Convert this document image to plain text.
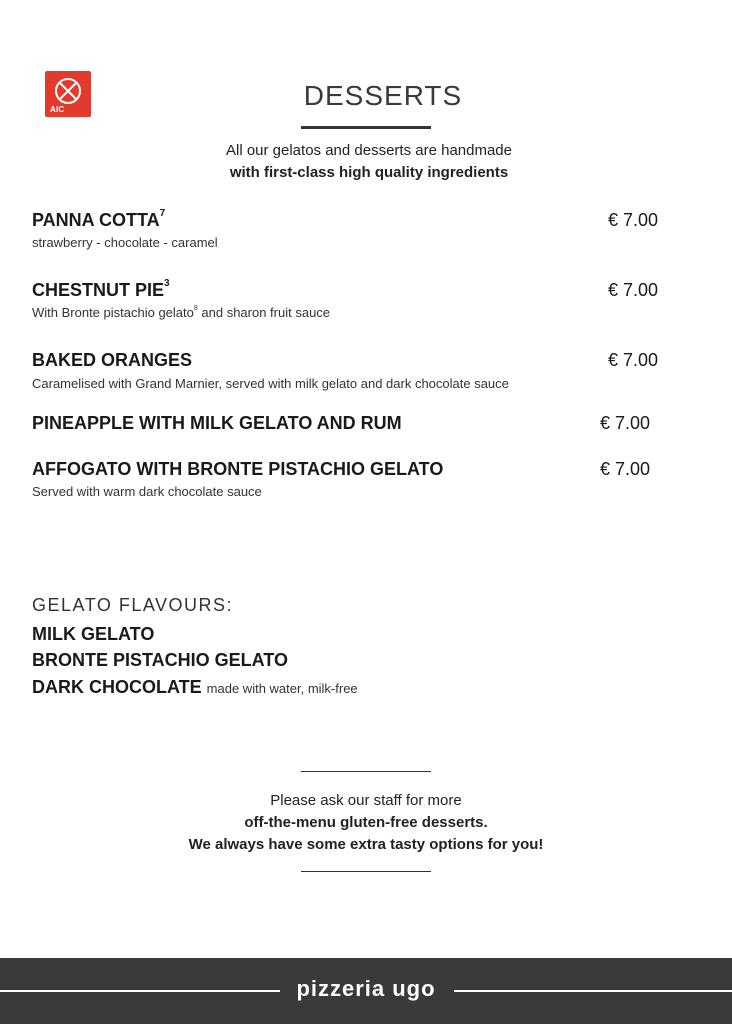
AIC	DESSERTS
All our gelatos and desserts are handmade
with first-class high quality ingredients
PANNA COTTA$^7$	€ 7.00
strawberry - chocolate - caramel
CHESTNUT PIE$^3$	€ 7.00
With Bronte pistachio gelato$^8$ and sharon fruit sauce
BAKED ORANGES	€ 7.00
Caramelised with Grand Marnier, served with milk gelato and dark chocolate sauce
PINEAPPLE WITH MILK GELATO AND RUM	€ 7.00
AFFOGATO WITH BRONTE PISTACHIO GELATO	€ 7.00
Served with warm dark chocolate sauce
GELATO FLAVOURS:
MILK GELATO
BRONTE PISTACHIO GELATO
DARK CHOCOLATE made with water, milk-free
Please ask our staff for more
off-the-menu gluten-free desserts.
We always have some extra tasty options for you!
pizzeria ugo
